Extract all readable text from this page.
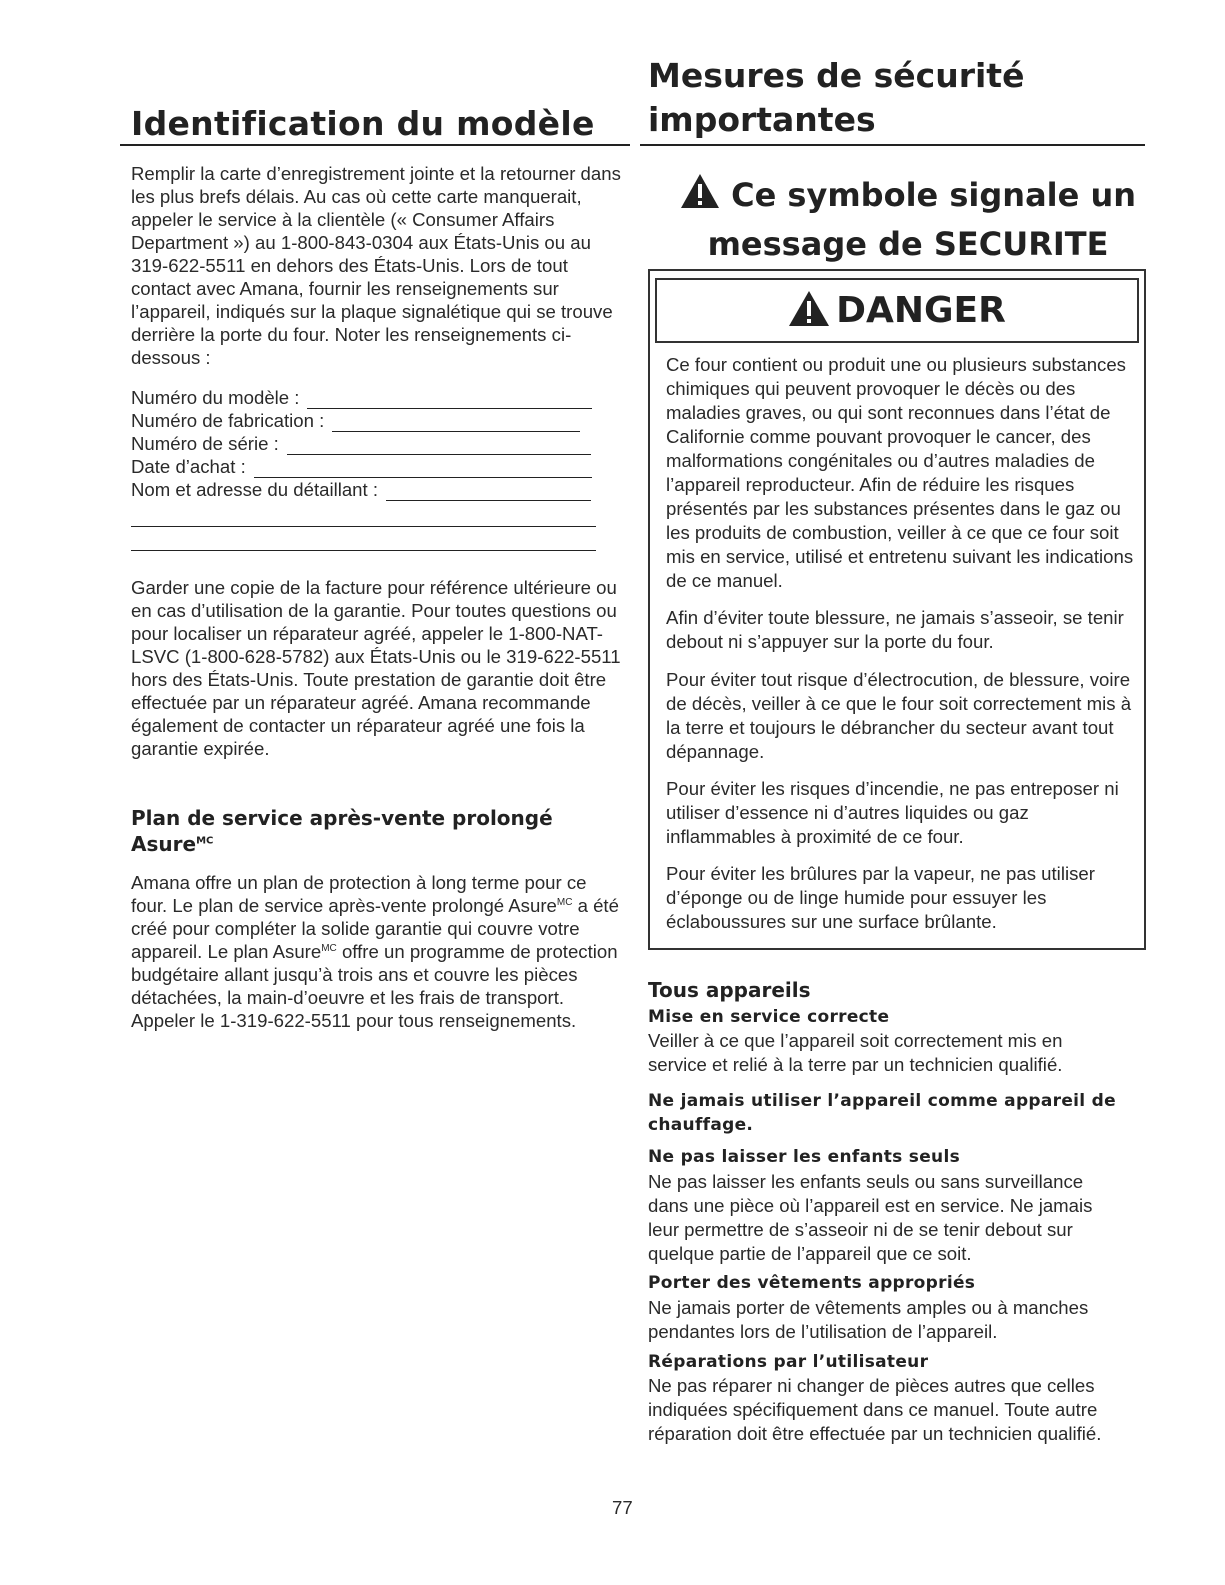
Identification du modèle

Remplir la carte d’enregistrement jointe et la retourner dans les plus brefs délais. Au cas où cette carte manquerait, appeler le service à la clientèle (« Consumer Affairs Department ») au 1-800-843-0304 aux États-Unis ou au 319-622-5511 en dehors des États-Unis. Lors de tout contact avec Amana, fournir les renseignements sur l’appareil, indiqués sur la plaque signalétique qui se trouve derrière la porte du four. Noter les renseignements ci-dessous :

Numéro du modèle :
Numéro de fabrication :
Numéro de série :
Date d’achat :
Nom et adresse du détaillant :

Garder une copie de la facture pour référence ultérieure ou en cas d’utilisation de la garantie. Pour toutes questions ou pour localiser un réparateur agréé, appeler le 1-800-NAT-LSVC (1-800-628-5782) aux États-Unis ou le 319-622-5511 hors des États-Unis. Toute prestation de garantie doit être effectuée par un réparateur agréé. Amana recommande également de contacter un réparateur agréé une fois la garantie expirée.

Plan de service après-vente prolongé
Asure$^{MC}$

Amana offre un plan de protection à long terme pour ce four. Le plan de service après-vente prolongé Asure$^{MC}$ a été créé pour compléter la solide garantie qui couvre votre appareil. Le plan Asure$^{MC}$ offre un programme de protection budgétaire allant jusqu’à trois ans et couvre les pièces détachées, la main-d’oeuvre et les frais de transport. Appeler le 1-319-622-5511 pour tous renseignements.

Mesures de sécurité
importantes
Ce symbole signale un
message de SECURITE
DANGER

Ce four contient ou produit une ou plusieurs substances chimiques qui peuvent provoquer le décès ou des maladies graves, ou qui sont reconnues dans l’état de Californie comme pouvant provoquer le cancer, des malformations congénitales ou d’autres maladies de l’appareil reproducteur. Afin de réduire les risques présentés par les substances présentes dans le gaz ou les produits de combustion, veiller à ce que ce four soit mis en service, utilisé et entretenu suivant les indications de ce manuel.

Afin d’éviter toute blessure, ne jamais s’asseoir, se tenir debout ni s’appuyer sur la porte du four.

Pour éviter tout risque d’électrocution, de blessure, voire de décès, veiller à ce que le four soit correctement mis à la terre et toujours le débrancher du secteur avant tout dépannage.

Pour éviter les risques d’incendie, ne pas entreposer ni utiliser d’essence ni d’autres liquides ou gaz inflammables à proximité de ce four.

Pour éviter les brûlures par la vapeur, ne pas utiliser d’éponge ou de linge humide pour essuyer les éclaboussures sur une surface brûlante.

Tous appareils
Mise en service correcte

Veiller à ce que l’appareil soit correctement mis en service et relié à la terre par un technicien qualifié.

Ne jamais utiliser l’appareil comme appareil de chauffage.
Ne pas laisser les enfants seuls

Ne pas laisser les enfants seuls ou sans surveillance dans une pièce où l’appareil est en service. Ne jamais leur permettre de s’asseoir ni de se tenir debout sur quelque partie de l’appareil que ce soit.

Porter des vêtements appropriés

Ne jamais porter de vêtements amples ou à manches pendantes lors de l’utilisation de l’appareil.

Réparations par l’utilisateur

Ne pas réparer ni changer de pièces autres que celles indiquées spécifiquement dans ce manuel. Toute autre réparation doit être effectuée par un technicien qualifié.

77
